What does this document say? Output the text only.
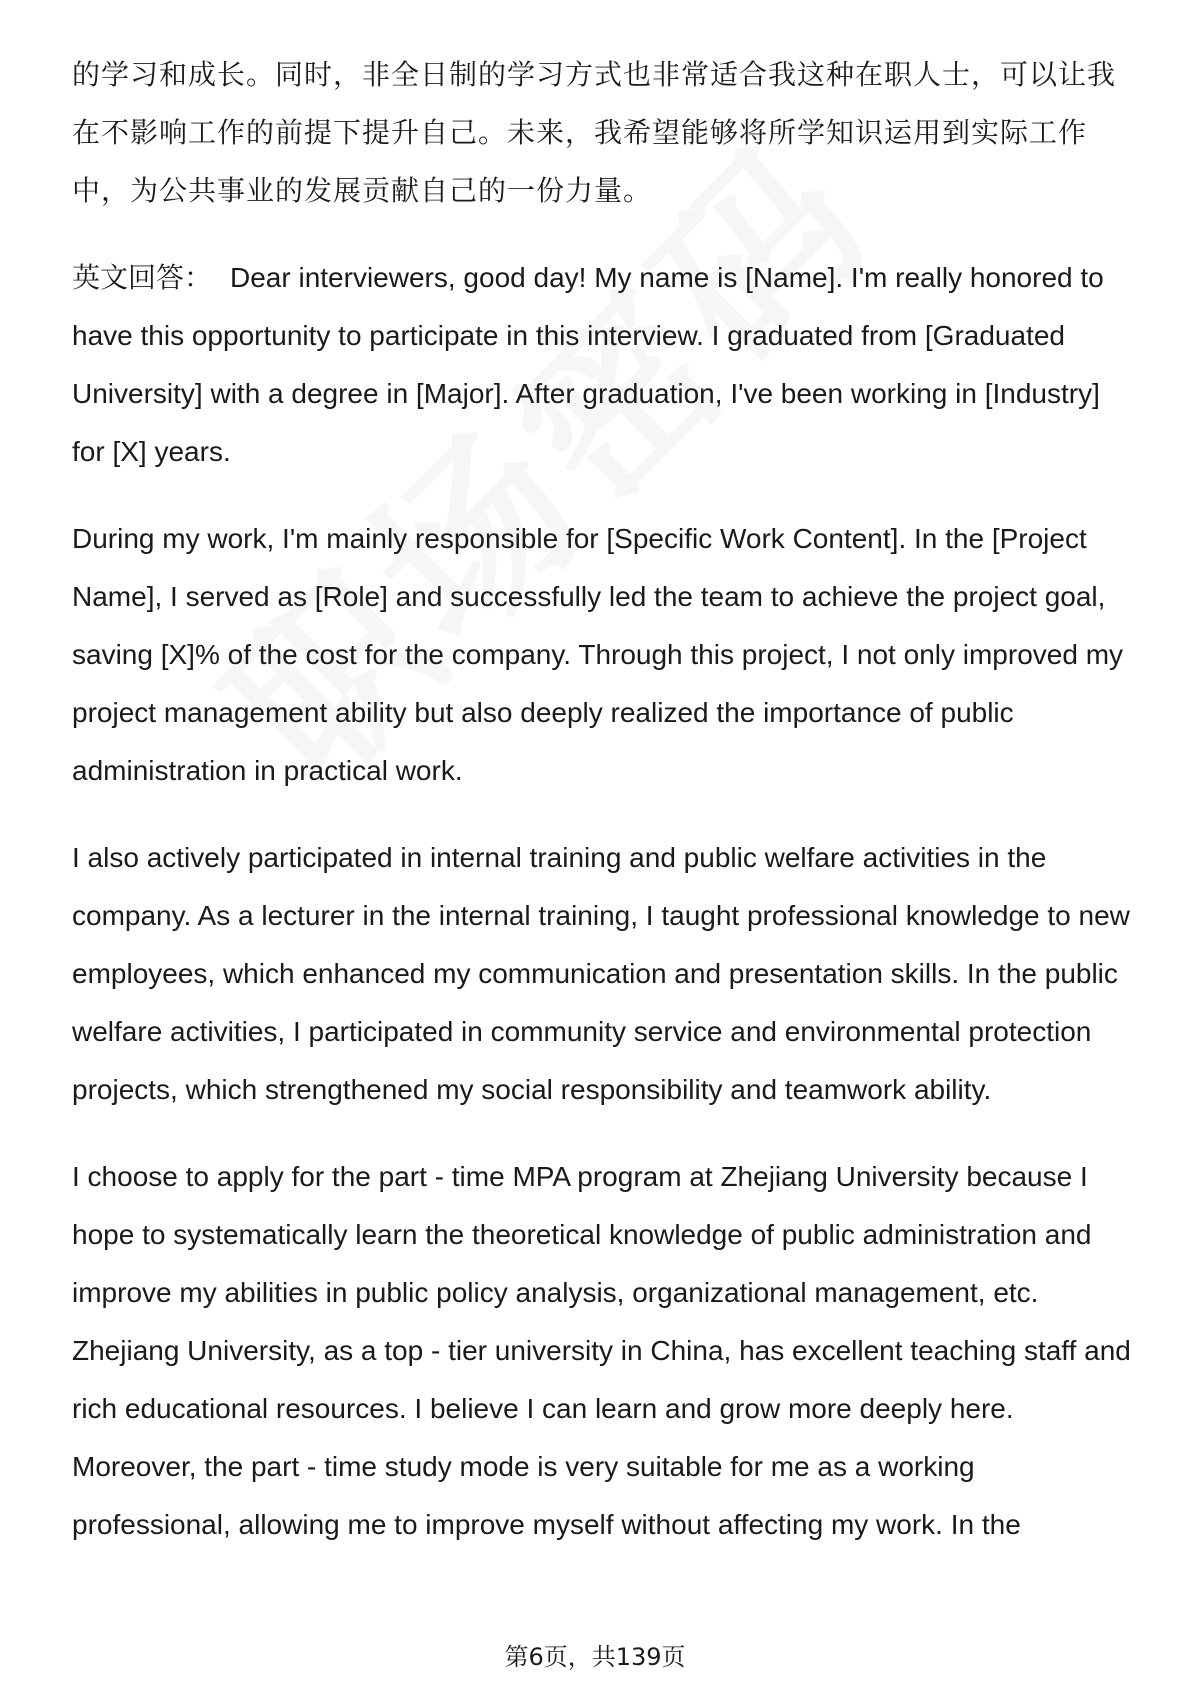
的学习和成长。同时，非全日制的学习方式也非常适合我这种在职人士，可以让我在不影响工作的前提下提升自己。未来，我希望能够将所学知识运用到实际工作中，为公共事业的发展贡献自己的一份力量。

英文回答： Dear interviewers, good day! My name is [Name]. I'm really honored to have this opportunity to participate in this interview. I graduated from [Graduated University] with a degree in [Major]. After graduation, I've been working in [Industry] for [X] years.

During my work, I'm mainly responsible for [Specific Work Content]. In the [Project Name], I served as [Role] and successfully led the team to achieve the project goal, saving [X]% of the cost for the company. Through this project, I not only improved my project management ability but also deeply realized the importance of public administration in practical work.

I also actively participated in internal training and public welfare activities in the company. As a lecturer in the internal training, I taught professional knowledge to new employees, which enhanced my communication and presentation skills. In the public welfare activities, I participated in community service and environmental protection projects, which strengthened my social responsibility and teamwork ability.

I choose to apply for the part - time MPA program at Zhejiang University because I hope to systematically learn the theoretical knowledge of public administration and improve my abilities in public policy analysis, organizational management, etc. Zhejiang University, as a top - tier university in China, has excellent teaching staff and rich educational resources. I believe I can learn and grow more deeply here. Moreover, the part - time study mode is very suitable for me as a working professional, allowing me to improve myself without affecting my work. In the

第6页，共139页
